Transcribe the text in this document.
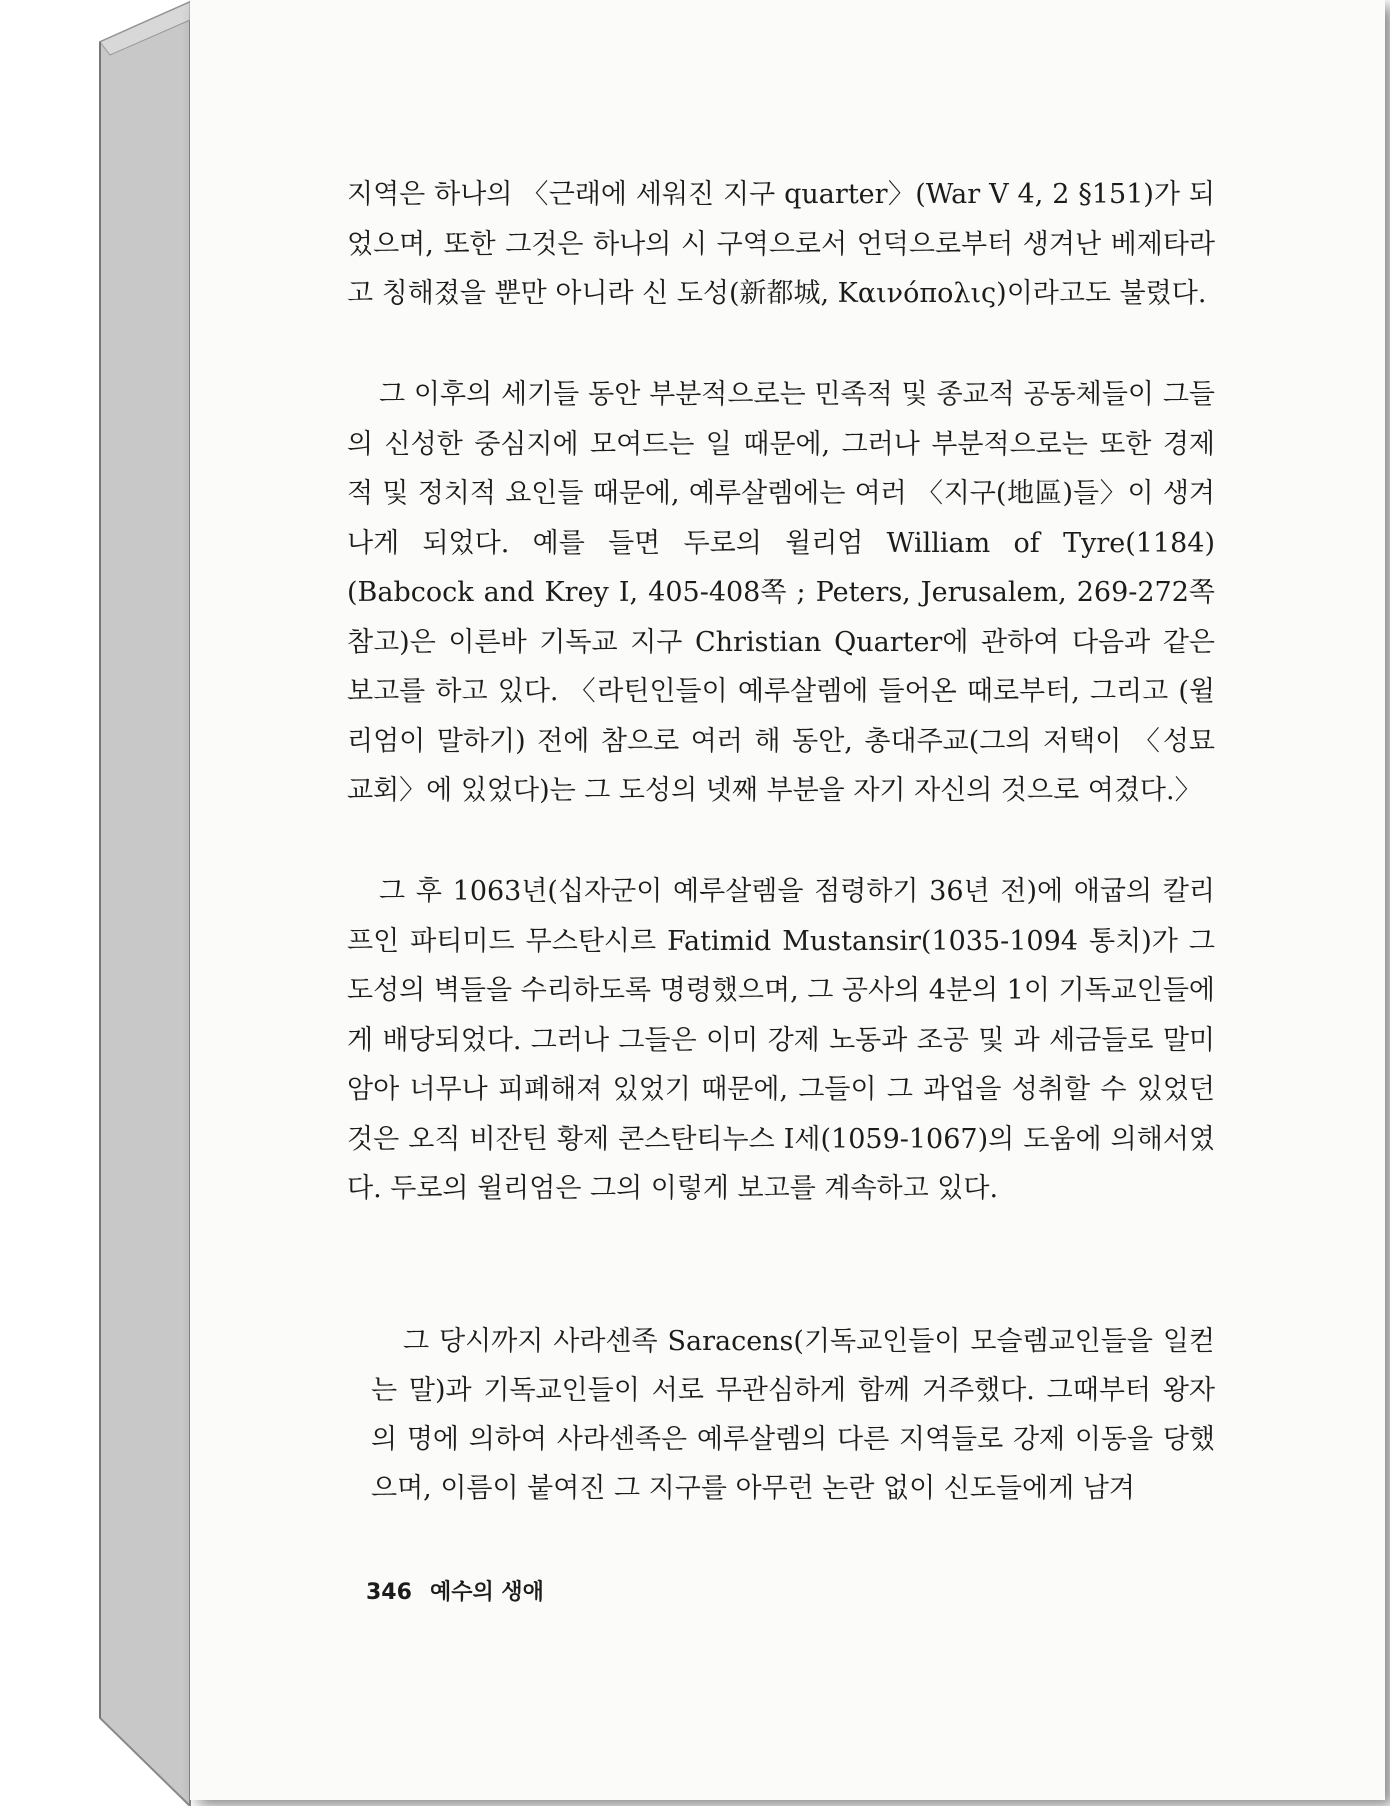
지역은 하나의 〈근래에 세워진 지구 quarter〉(War V 4, 2 §151)가 되었으며, 또한 그것은 하나의 시 구역으로서 언덕으로부터 생겨난 베제타라고 칭해졌을 뿐만 아니라 신 도성(新都城, Καινόπολις)이라고도 불렸다.

그 이후의 세기들 동안 부분적으로는 민족적 및 종교적 공동체들이 그들의 신성한 중심지에 모여드는 일 때문에, 그러나 부분적으로는 또한 경제적 및 정치적 요인들 때문에, 예루살렘에는 여러 〈지구(地區)들〉이 생겨나게 되었다. 예를 들면 두로의 윌리엄 William of Tyre(1184) (Babcock and Krey I, 405-408쪽 ; Peters, Jerusalem, 269-272쪽 참고)은 이른바 기독교 지구 Christian Quarter에 관하여 다음과 같은 보고를 하고 있다. 〈라틴인들이 예루살렘에 들어온 때로부터, 그리고 (윌리엄이 말하기) 전에 참으로 여러 해 동안, 총대주교(그의 저택이 〈성묘 교회〉에 있었다)는 그 도성의 넷째 부분을 자기 자신의 것으로 여겼다.〉

그 후 1063년(십자군이 예루살렘을 점령하기 36년 전)에 애굽의 칼리프인 파티미드 무스탄시르 Fatimid Mustansir(1035-1094 통치)가 그 도성의 벽들을 수리하도록 명령했으며, 그 공사의 4분의 1이 기독교인들에게 배당되었다. 그러나 그들은 이미 강제 노동과 조공 및 과 세금들로 말미암아 너무나 피폐해져 있었기 때문에, 그들이 그 과업을 성취할 수 있었던 것은 오직 비잔틴 황제 콘스탄티누스 I세(1059-1067)의 도움에 의해서였다. 두로의 윌리엄은 그의 이렇게 보고를 계속하고 있다.

그 당시까지 사라센족 Saracens(기독교인들이 모슬렘교인들을 일컫는 말)과 기독교인들이 서로 무관심하게 함께 거주했다. 그때부터 왕자의 명에 의하여 사라센족은 예루살렘의 다른 지역들로 강제 이동을 당했으며, 이름이 붙여진 그 지구를 아무런 논란 없이 신도들에게 남겨

346 예수의 생애
